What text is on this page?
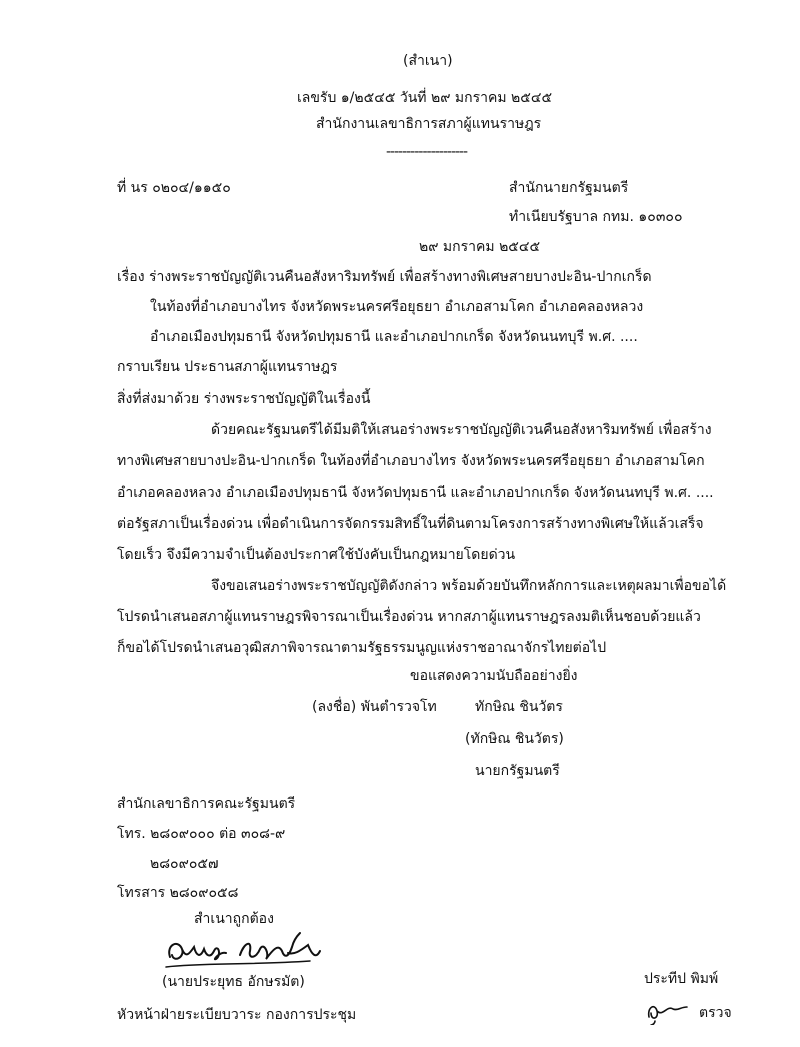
(สำเนา)
เลขรับ ๑/๒๕๔๕ วันที่ ๒๙ มกราคม ๒๕๔๕
สำนักงานเลขาธิการสภาผู้แทนราษฎร
--------------------
ที่ นร ๐๒๐๔/๑๑๕๐	สำนักนายกรัฐมนตรี
ทำเนียบรัฐบาล กทม. ๑๐๓๐๐
๒๙ มกราคม ๒๕๔๕
เรื่อง ร่างพระราชบัญญัติเวนคืนอสังหาริมทรัพย์ เพื่อสร้างทางพิเศษสายบางปะอิน-ปากเกร็ด
ในท้องที่อำเภอบางไทร จังหวัดพระนครศรีอยุธยา อำเภอสามโคก อำเภอคลองหลวง
อำเภอเมืองปทุมธานี จังหวัดปทุมธานี และอำเภอปากเกร็ด จังหวัดนนทบุรี พ.ศ. ....
กราบเรียน ประธานสภาผู้แทนราษฎร
สิ่งที่ส่งมาด้วย ร่างพระราชบัญญัติในเรื่องนี้
ด้วยคณะรัฐมนตรีได้มีมติให้เสนอร่างพระราชบัญญัติเวนคืนอสังหาริมทรัพย์ เพื่อสร้าง
ทางพิเศษสายบางปะอิน-ปากเกร็ด ในท้องที่อำเภอบางไทร จังหวัดพระนครศรีอยุธยา อำเภอสามโคก
อำเภอคลองหลวง อำเภอเมืองปทุมธานี จังหวัดปทุมธานี และอำเภอปากเกร็ด จังหวัดนนทบุรี พ.ศ. ....
ต่อรัฐสภาเป็นเรื่องด่วน เพื่อดำเนินการจัดกรรมสิทธิ์ในที่ดินตามโครงการสร้างทางพิเศษให้แล้วเสร็จ
โดยเร็ว จึงมีความจำเป็นต้องประกาศใช้บังคับเป็นกฎหมายโดยด่วน
จึงขอเสนอร่างพระราชบัญญัติดังกล่าว พร้อมด้วยบันทึกหลักการและเหตุผลมาเพื่อขอได้
โปรดนำเสนอสภาผู้แทนราษฎรพิจารณาเป็นเรื่องด่วน หากสภาผู้แทนราษฎรลงมติเห็นชอบด้วยแล้ว
ก็ขอได้โปรดนำเสนอวุฒิสภาพิจารณาตามรัฐธรรมนูญแห่งราชอาณาจักรไทยต่อไป
ขอแสดงความนับถืออย่างยิ่ง
(ลงชื่อ) พันตำรวจโท	ทักษิณ ชินวัตร
(ทักษิณ ชินวัตร)
นายกรัฐมนตรี
สำนักเลขาธิการคณะรัฐมนตรี
โทร. ๒๘๐๙๐๐๐ ต่อ ๓๐๘-๙
๒๘๐๙๐๕๗
โทรสาร ๒๘๐๙๐๕๘
สำเนาถูกต้อง
(นายประยุทธ อักษรมัต)
หัวหน้าฝ่ายระเบียบวาระ กองการประชุม
ประทีป พิมพ์
ตรวจ
